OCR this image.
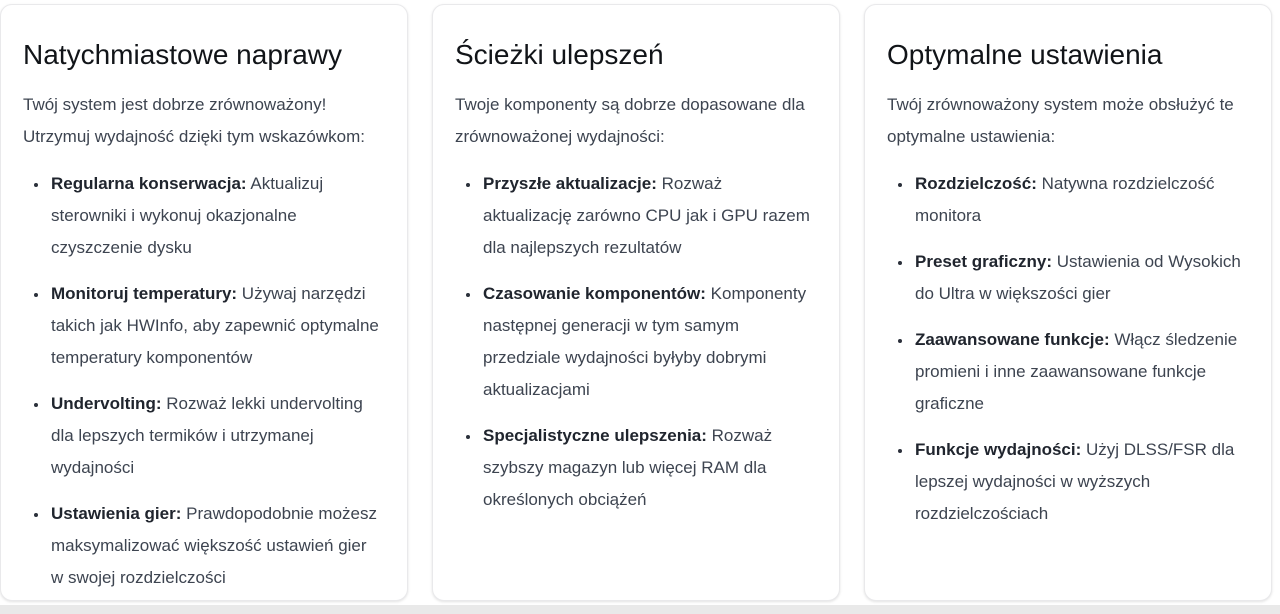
Natychmiastowe naprawy

Twój system jest dobrze zrównoważony! Utrzymuj wydajność dzięki tym wskazówkom:

• Regularna konserwacja: Aktualizuj sterowniki i wykonuj okazjonalne czyszczenie dysku
• Monitoruj temperatury: Używaj narzędzi takich jak HWInfo, aby zapewnić optymalne temperatury komponentów
• Undervolting: Rozważ lekki undervolting dla lepszych termików i utrzymanej wydajności
• Ustawienia gier: Prawdopodobnie możesz maksymalizować większość ustawień gier w swojej rozdzielczości
Ścieżki ulepszeń

Twoje komponenty są dobrze dopasowane dla zrównoważonej wydajności:

• Przyszłe aktualizacje: Rozważ aktualizację zarówno CPU jak i GPU razem dla najlepszych rezultatów
• Czasowanie komponentów: Komponenty następnej generacji w tym samym przedziale wydajności byłyby dobrymi aktualizacjami
• Specjalistyczne ulepszenia: Rozważ szybszy magazyn lub więcej RAM dla określonych obciążeń
Optymalne ustawienia

Twój zrównoważony system może obsłużyć te optymalne ustawienia:

• Rozdzielczość: Natywna rozdzielczość monitora
• Preset graficzny: Ustawienia od Wysokich do Ultra w większości gier
• Zaawansowane funkcje: Włącz śledzenie promieni i inne zaawansowane funkcje graficzne
• Funkcje wydajności: Użyj DLSS/FSR dla lepszej wydajności w wyższych rozdzielczościach
